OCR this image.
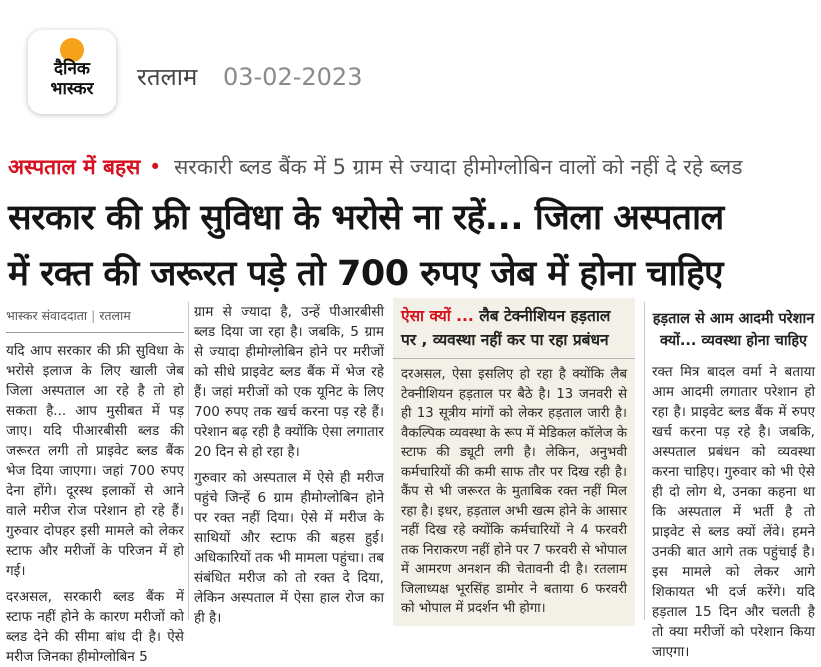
दैनिक
भास्कर	रतलाम 03-02-2023
अस्पताल में बहस • सरकारी ब्लड बैंक में 5 ग्राम से ज्यादा हीमोग्लोबिन वालों को नहीं दे रहे ब्लड
सरकार की फ्री सुविधा के भरोसे ना रहें... जिला अस्पताल
में रक्त की जरूरत पड़े तो 700 रुपए जेब में होना चाहिए
भास्कर संवाददाता | रतलाम

यदि आप सरकार की फ्री सुविधा के भरोसे इलाज के लिए खाली जेब जिला अस्पताल आ रहे है तो हो सकता है... आप मुसीबत में पड़ जाए। यदि पीआरबीसी ब्लड की जरूरत लगी तो प्राइवेट ब्लड बैंक भेज दिया जाएगा। जहां 700 रुपए देना होंगे। दूरस्थ इलाकों से आने वाले मरीज रोज परेशान हो रहे हैं। गुरुवार दोपहर इसी मामले को लेकर स्टाफ और मरीजों के परिजन में हो गई।

दरअसल, सरकारी ब्लड बैंक में स्टाफ नहीं होने के कारण मरीजों को ब्लड देने की सीमा बांध दी है। ऐसे मरीज जिनका हीमोग्लोबिन 5

ग्राम से ज्यादा है, उन्हें पीआरबीसी ब्लड दिया जा रहा है। जबकि, 5 ग्राम से ज्यादा हीमोग्लोबिन होने पर मरीजों को सीधे प्राइवेट ब्लड बैंक में भेज रहे हैं। जहां मरीजों को एक यूनिट के लिए 700 रुपए तक खर्च करना पड़ रहे हैं। परेशान बढ़ रही है क्योंकि ऐसा लगातार 20 दिन से हो रहा है।

गुरुवार को अस्पताल में ऐसे ही मरीज पहुंचे जिन्हें 6 ग्राम हीमोग्लोबिन होने पर रक्त नहीं दिया। ऐसे में मरीज के साथियों और स्टाफ की बहस हुई। अधिकारियों तक भी मामला पहुंचा। तब संबंधित मरीज को तो रक्त दे दिया, लेकिन अस्पताल में ऐसा हाल रोज का ही है।

ऐसा क्यों ... लैब टेक्नीशियन हड़ताल पर , व्यवस्था नहीं कर पा रहा प्रबंधन
दरअसल, ऐसा इसलिए हो रहा है क्योंकि लैब टेक्नीशियन हड़ताल पर बैठे है। 13 जनवरी से ही 13 सूत्रीय मांगों को लेकर हड़ताल जारी है। वैकल्पिक व्यवस्था के रूप में मेडिकल कॉलेज के स्टाफ की ड्यूटी लगी है। लेकिन, अनुभवी कर्मचारियों की कमी साफ तौर पर दिख रही है। कैंप से भी जरूरत के मुताबिक रक्त नहीं मिल रहा है। इधर, हड़ताल अभी खत्म होने के आसार नहीं दिख रहे क्योंकि कर्मचारियों ने 4 फरवरी तक निराकरण नहीं होने पर 7 फरवरी से भोपाल में आमरण अनशन की चेतावनी दी है। रतलाम जिलाध्यक्ष भूरसिंह डामोर ने बताया 6 फरवरी को भोपाल में प्रदर्शन भी होगा।
हड़ताल से आम आदमी परेशान क्यों... व्यवस्था होना चाहिए

रक्त मित्र बादल वर्मा ने बताया आम आदमी लगातार परेशान हो रहा है। प्राइवेट ब्लड बैंक में रुपए खर्च करना पड़ रहे है। जबकि, अस्पताल प्रबंधन को व्यवस्था करना चाहिए। गुरुवार को भी ऐसे ही दो लोग थे, उनका कहना था कि अस्पताल में भर्ती है तो प्राइवेट से ब्लड क्यों लेंवे। हमने उनकी बात आगे तक पहुंचाई है। इस मामले को लेकर आगे शिकायत भी दर्ज करेंगे। यदि हड़ताल 15 दिन और चलती है तो क्या मरीजों को परेशान किया जाएगा।
